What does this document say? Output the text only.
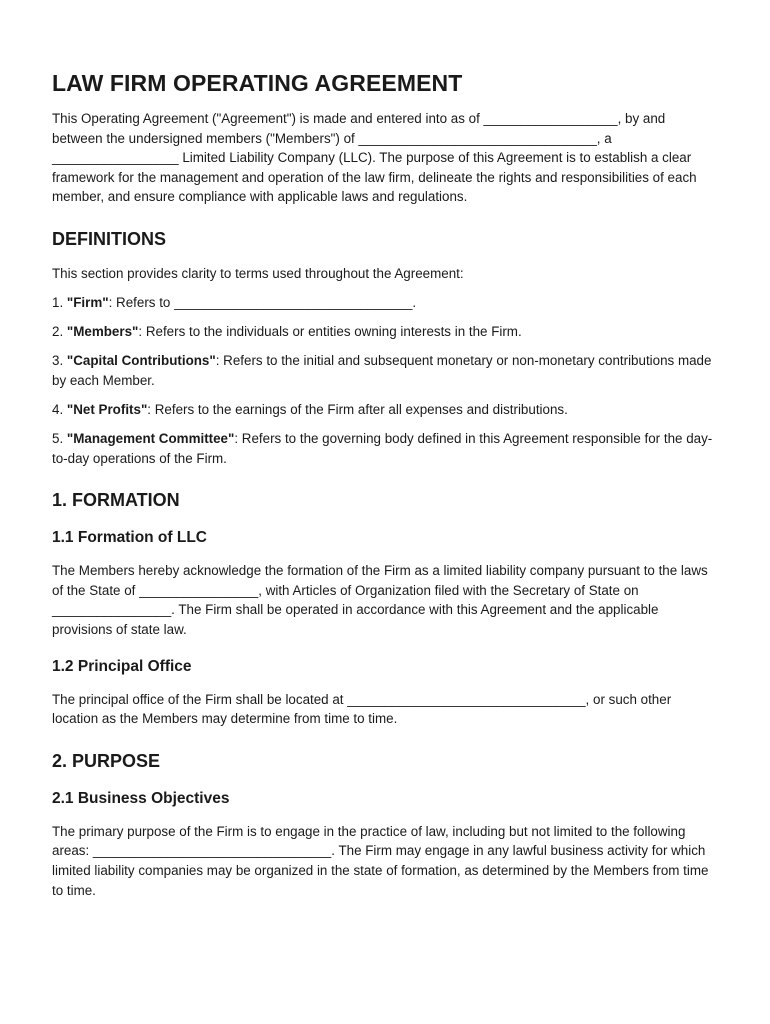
LAW FIRM OPERATING AGREEMENT

This Operating Agreement ("Agreement") is made and entered into as of __________________, by and between the undersigned members ("Members") of ________________________________, a _________________ Limited Liability Company (LLC). The purpose of this Agreement is to establish a clear framework for the management and operation of the law firm, delineate the rights and responsibilities of each member, and ensure compliance with applicable laws and regulations.

DEFINITIONS

This section provides clarity to terms used throughout the Agreement:

1. "Firm": Refers to ________________________________.

2. "Members": Refers to the individuals or entities owning interests in the Firm.

3. "Capital Contributions": Refers to the initial and subsequent monetary or non-monetary contributions made by each Member.

4. "Net Profits": Refers to the earnings of the Firm after all expenses and distributions.

5. "Management Committee": Refers to the governing body defined in this Agreement responsible for the day-to-day operations of the Firm.

1. FORMATION
1.1 Formation of LLC

The Members hereby acknowledge the formation of the Firm as a limited liability company pursuant to the laws of the State of ________________, with Articles of Organization filed with the Secretary of State on ________________. The Firm shall be operated in accordance with this Agreement and the applicable provisions of state law.

1.2 Principal Office

The principal office of the Firm shall be located at ________________________________, or such other location as the Members may determine from time to time.

2. PURPOSE
2.1 Business Objectives

The primary purpose of the Firm is to engage in the practice of law, including but not limited to the following areas: ________________________________. The Firm may engage in any lawful business activity for which limited liability companies may be organized in the state of formation, as determined by the Members from time to time.
